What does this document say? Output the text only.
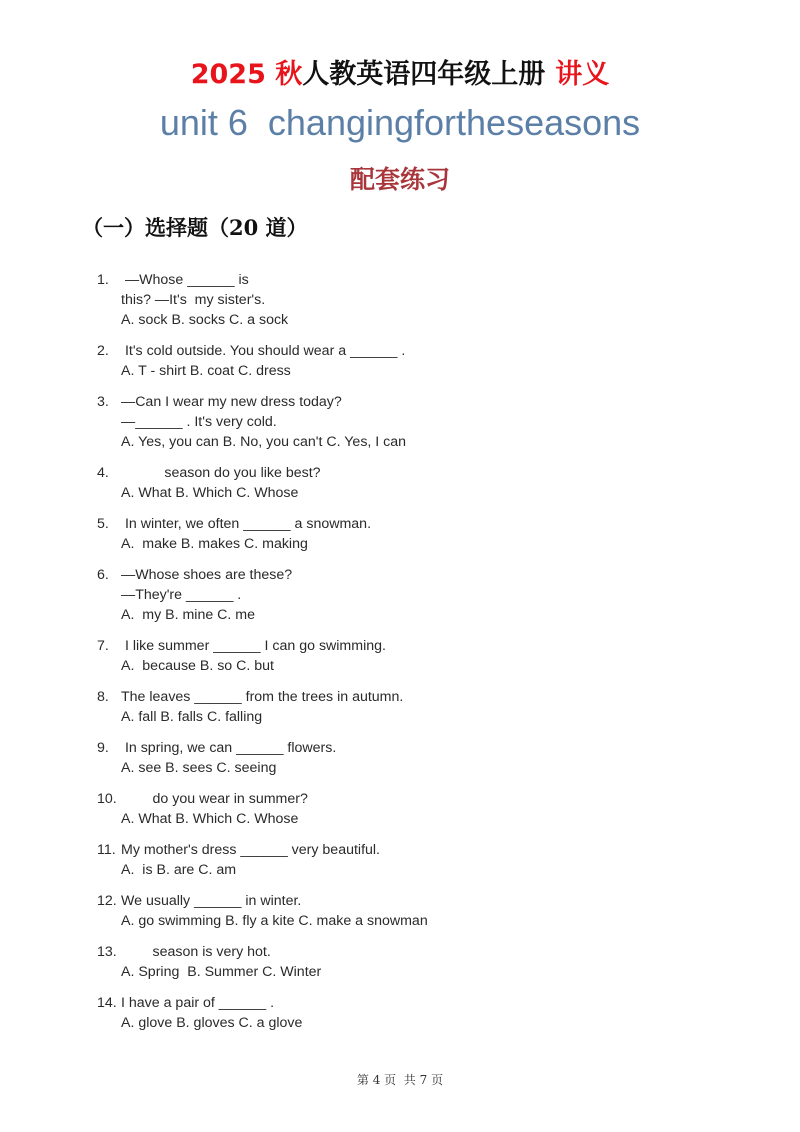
2025 秋人教英语四年级上册 讲义
unit 6  changingfortheseasons
配套练习
（一）选择题（20 道）
1. —Whose ______ is
this? —It's  my sister's.
A. sock B. socks C. a sock
2. It's cold outside. You should wear a ______ .
A. T - shirt B. coat C. dress
3. —Can I wear my new dress today?
—______ . It's very cold.
A. Yes, you can B. No, you can't C. Yes, I can
4. season do you like best?
A. What B. Which C. Whose
5. In winter, we often ______ a snowman.
A.  make B. makes C. making
6. —Whose shoes are these?
—They're ______ .
A.  my B. mine C. me
7. I like summer ______ I can go swimming.
A.  because B. so C. but
8. The leaves ______ from the trees in autumn.
A. fall B. falls C. falling
9. In spring, we can ______ flowers.
A. see B. sees C. seeing
10. do you wear in summer?
A. What B. Which C. Whose
11. My mother's dress ______ very beautiful.
A.  is B. are C. am
12. We usually ______ in winter.
A. go swimming B. fly a kite C. make a snowman
13. season is very hot.
A. Spring  B. Summer C. Winter
14. I have a pair of ______ .
A. glove B. gloves C. a glove
第 4 页  共 7 页
